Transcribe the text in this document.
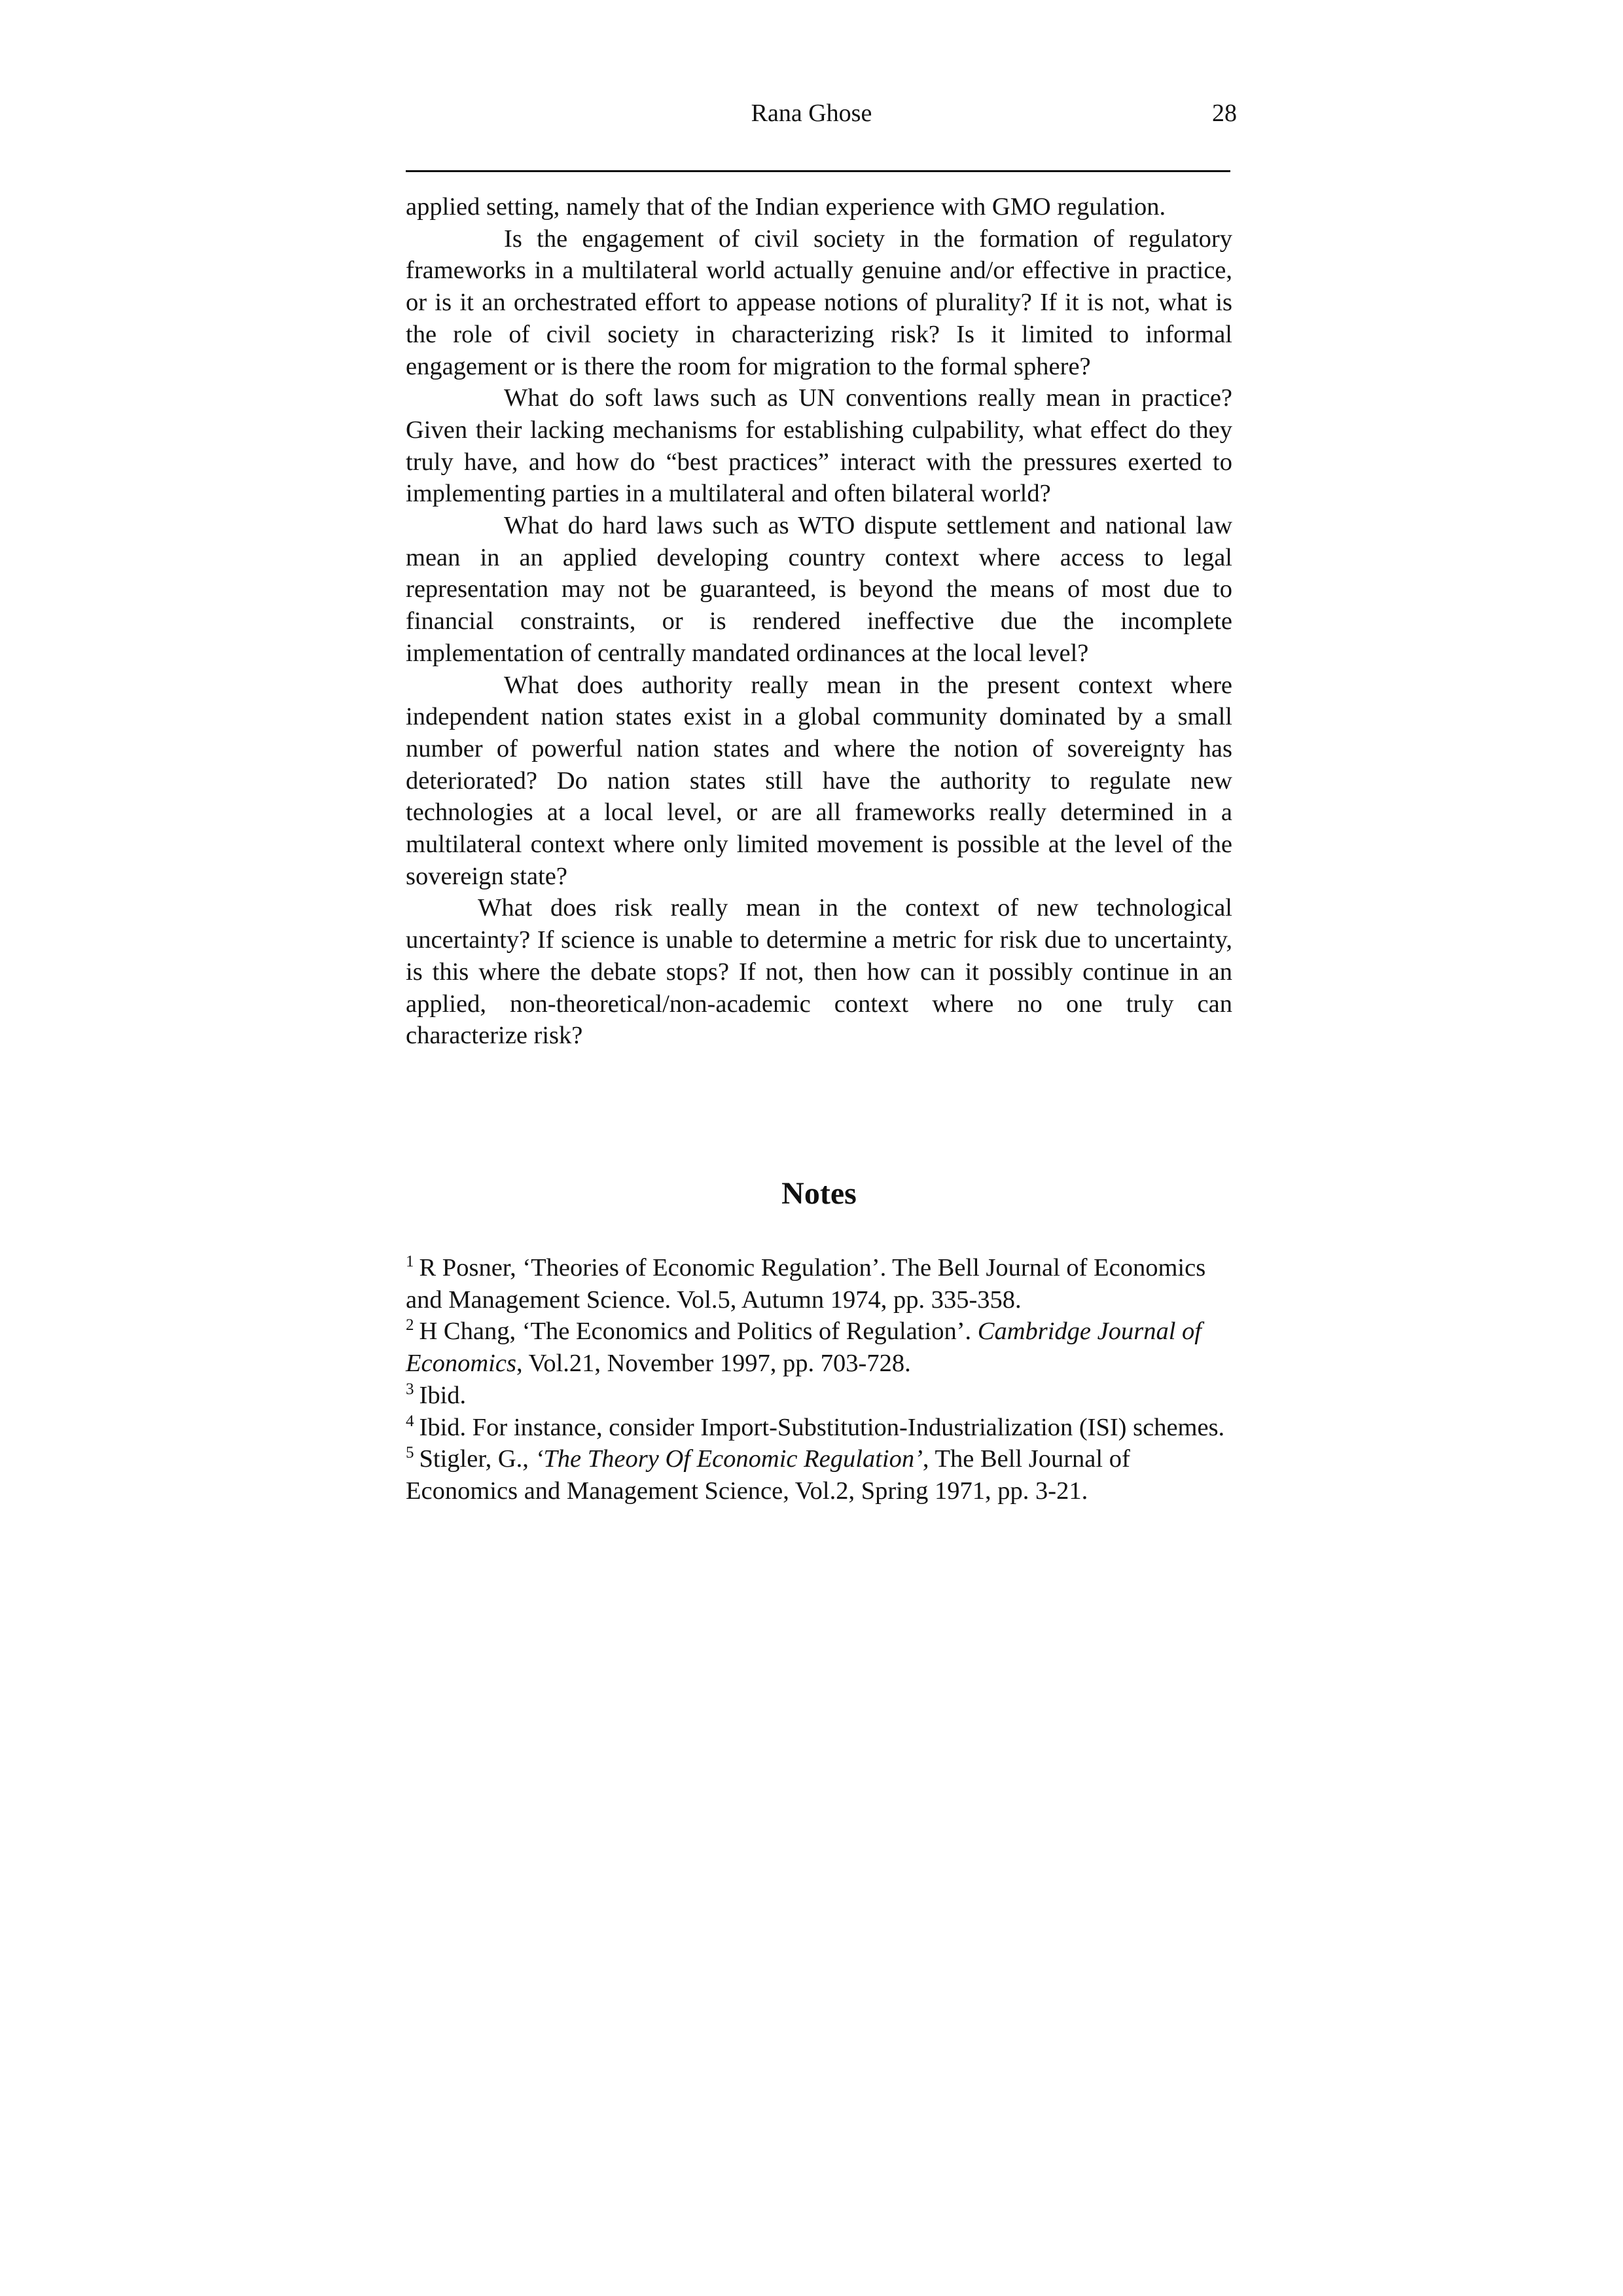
Rana Ghose	28

applied setting, namely that of the Indian experience with GMO regulation.

Is the engagement of civil society in the formation of regulatory frameworks in a multilateral world actually genuine and/or effective in practice, or is it an orchestrated effort to appease notions of plurality? If it is not, what is the role of civil society in characterizing risk? Is it limited to informal engagement or is there the room for migration to the formal sphere?

What do soft laws such as UN conventions really mean in practice? Given their lacking mechanisms for establishing culpability, what effect do they truly have, and how do “best practices” interact with the pressures exerted to implementing parties in a multilateral and often bilateral world?

What do hard laws such as WTO dispute settlement and national law mean in an applied developing country context where access to legal representation may not be guaranteed, is beyond the means of most due to financial constraints, or is rendered ineffective due the incomplete implementation of centrally mandated ordinances at the local level?

What does authority really mean in the present context where independent nation states exist in a global community dominated by a small number of powerful nation states and where the notion of sovereignty has deteriorated? Do nation states still have the authority to regulate new technologies at a local level, or are all frameworks really determined in a multilateral context where only limited movement is possible at the level of the sovereign state?

What does risk really mean in the context of new technological uncertainty? If science is unable to determine a metric for risk due to uncertainty, is this where the debate stops? If not, then how can it possibly continue in an applied, non-theoretical/non-academic context where no one truly can characterize risk?

Notes

$^1$ R Posner, ‘Theories of Economic Regulation’. The Bell Journal of Economics and Management Science. Vol.5, Autumn 1974, pp. 335-358.

$^2$ H Chang, ‘The Economics and Politics of Regulation’. Cambridge Journal of Economics, Vol.21, November 1997, pp. 703-728.

$^3$ Ibid.

$^4$ Ibid. For instance, consider Import-Substitution-Industrialization (ISI) schemes.

$^5$ Stigler, G., ‘The Theory Of Economic Regulation’, The Bell Journal of Economics and Management Science, Vol.2, Spring 1971, pp. 3-21.
